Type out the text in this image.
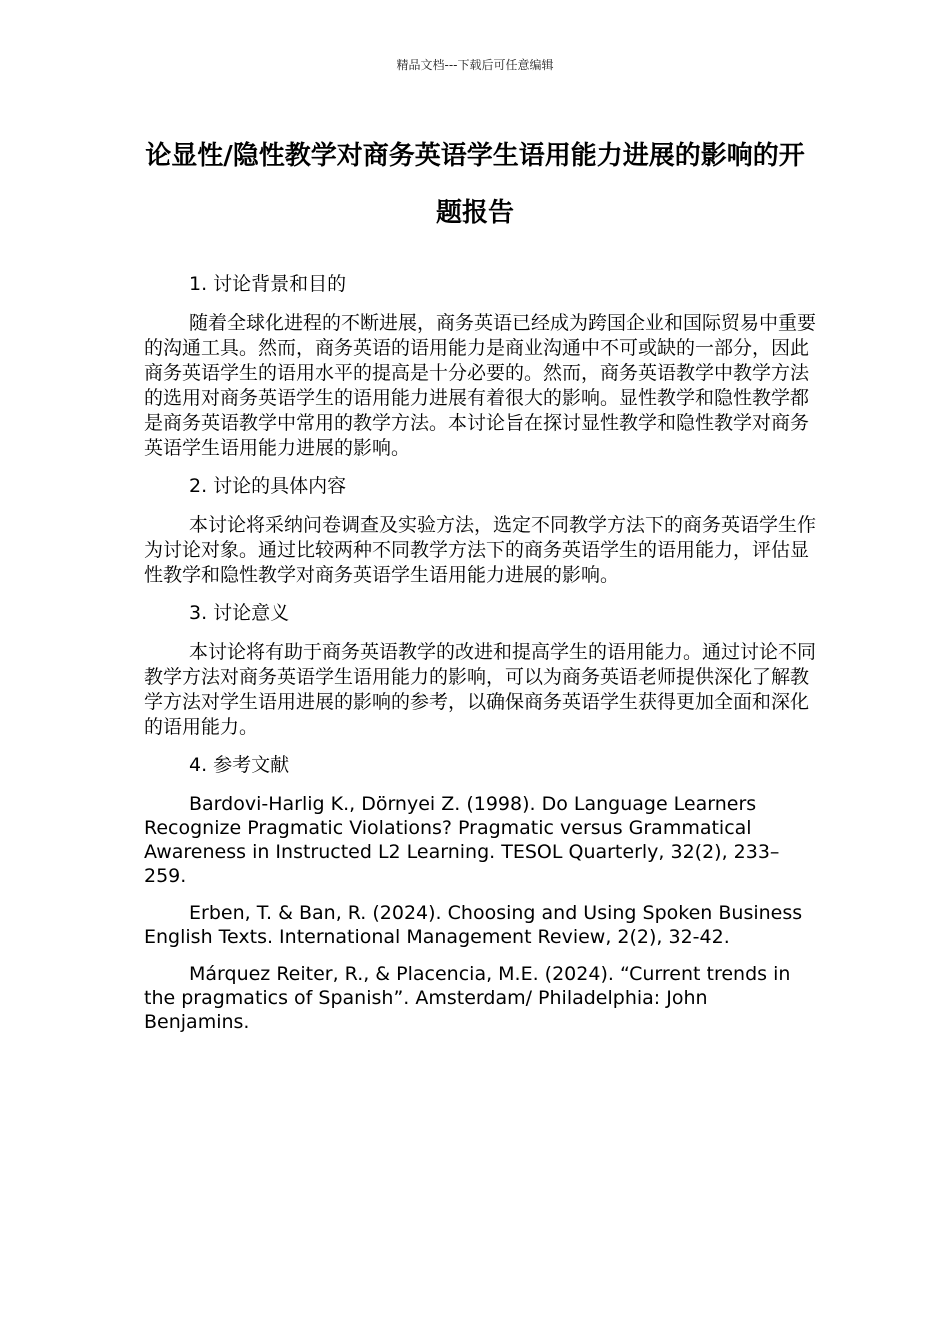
精品文档---下载后可任意编辑
论显性/隐性教学对商务英语学生语用能力进展的影响的开题报告

1. 讨论背景和目的

随着全球化进程的不断进展，商务英语已经成为跨国企业和国际贸易中重要的沟通工具。然而，商务英语的语用能力是商业沟通中不可或缺的一部分，因此商务英语学生的语用水平的提高是十分必要的。然而，商务英语教学中教学方法的选用对商务英语学生的语用能力进展有着很大的影响。显性教学和隐性教学都是商务英语教学中常用的教学方法。本讨论旨在探讨显性教学和隐性教学对商务英语学生语用能力进展的影响。

2. 讨论的具体内容

本讨论将采纳问卷调查及实验方法，选定不同教学方法下的商务英语学生作为讨论对象。通过比较两种不同教学方法下的商务英语学生的语用能力，评估显性教学和隐性教学对商务英语学生语用能力进展的影响。

3. 讨论意义

本讨论将有助于商务英语教学的改进和提高学生的语用能力。通过讨论不同教学方法对商务英语学生语用能力的影响，可以为商务英语老师提供深化了解教学方法对学生语用进展的影响的参考，以确保商务英语学生获得更加全面和深化的语用能力。

4. 参考文献

Bardovi-Harlig K., Dörnyei Z. (1998). Do Language Learners Recognize Pragmatic Violations? Pragmatic versus Grammatical Awareness in Instructed L2 Learning. TESOL Quarterly, 32(2), 233–259.

Erben, T. & Ban, R. (2024). Choosing and Using Spoken Business English Texts. International Management Review, 2(2), 32-42.

Márquez Reiter, R., & Placencia, M.E. (2024). “Current trends in the pragmatics of Spanish”. Amsterdam/ Philadelphia: John Benjamins.
